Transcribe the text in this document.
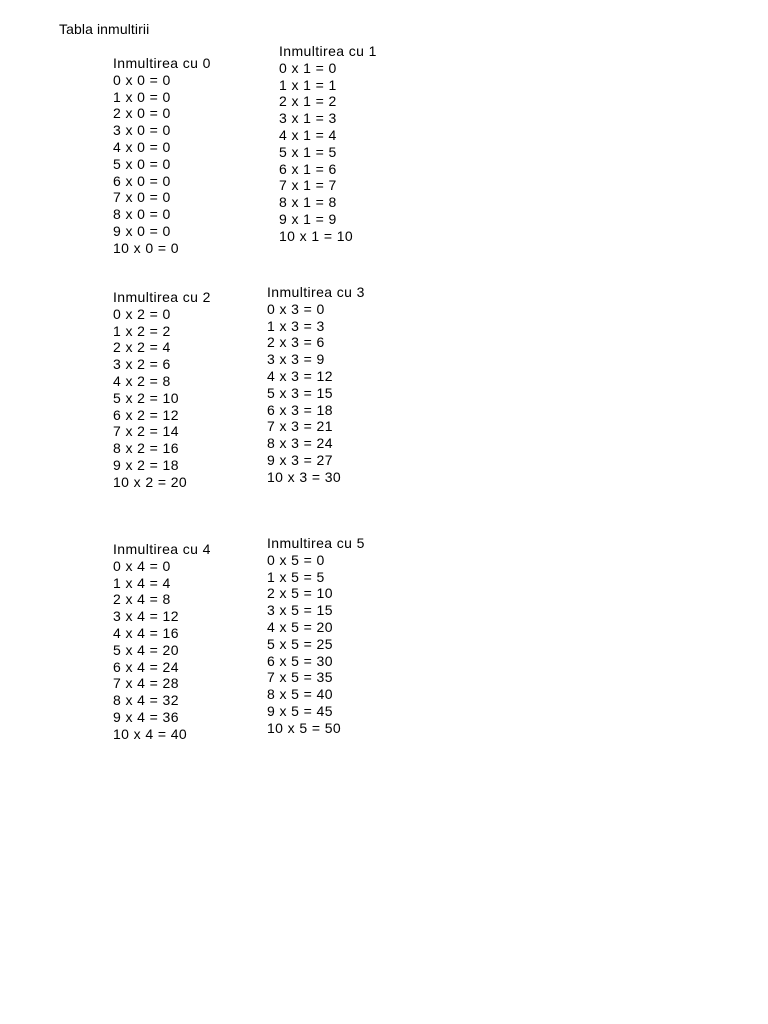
Tabla inmultirii
Inmultirea cu 0
0 x 0 = 0
1 x 0 = 0
2 x 0 = 0
3 x 0 = 0
4 x 0 = 0
5 x 0 = 0
6 x 0 = 0
7 x 0 = 0
8 x 0 = 0
9 x 0 = 0
10 x 0 = 0
Inmultirea cu 1
0 x 1 = 0
1 x 1 = 1
2 x 1 = 2
3 x 1 = 3
4 x 1 = 4
5 x 1 = 5
6 x 1 = 6
7 x 1 = 7
8 x 1 = 8
9 x 1 = 9
10 x 1 = 10
Inmultirea cu 2
0 x 2 = 0
1 x 2 = 2
2 x 2 = 4
3 x 2 = 6
4 x 2 = 8
5 x 2 = 10
6 x 2 = 12
7 x 2 = 14
8 x 2 = 16
9 x 2 = 18
10 x 2 = 20
Inmultirea cu 3
0 x 3 = 0
1 x 3 = 3
2 x 3 = 6
3 x 3 = 9
4 x 3 = 12
5 x 3 = 15
6 x 3 = 18
7 x 3 = 21
8 x 3 = 24
9 x 3 = 27
10 x 3 = 30
Inmultirea cu 4
0 x 4 = 0
1 x 4 = 4
2 x 4 = 8
3 x 4 = 12
4 x 4 = 16
5 x 4 = 20
6 x 4 = 24
7 x 4 = 28
8 x 4 = 32
9 x 4 = 36
10 x 4 = 40
Inmultirea cu 5
0 x 5 = 0
1 x 5 = 5
2 x 5 = 10
3 x 5 = 15
4 x 5 = 20
5 x 5 = 25
6 x 5 = 30
7 x 5 = 35
8 x 5 = 40
9 x 5 = 45
10 x 5 = 50
